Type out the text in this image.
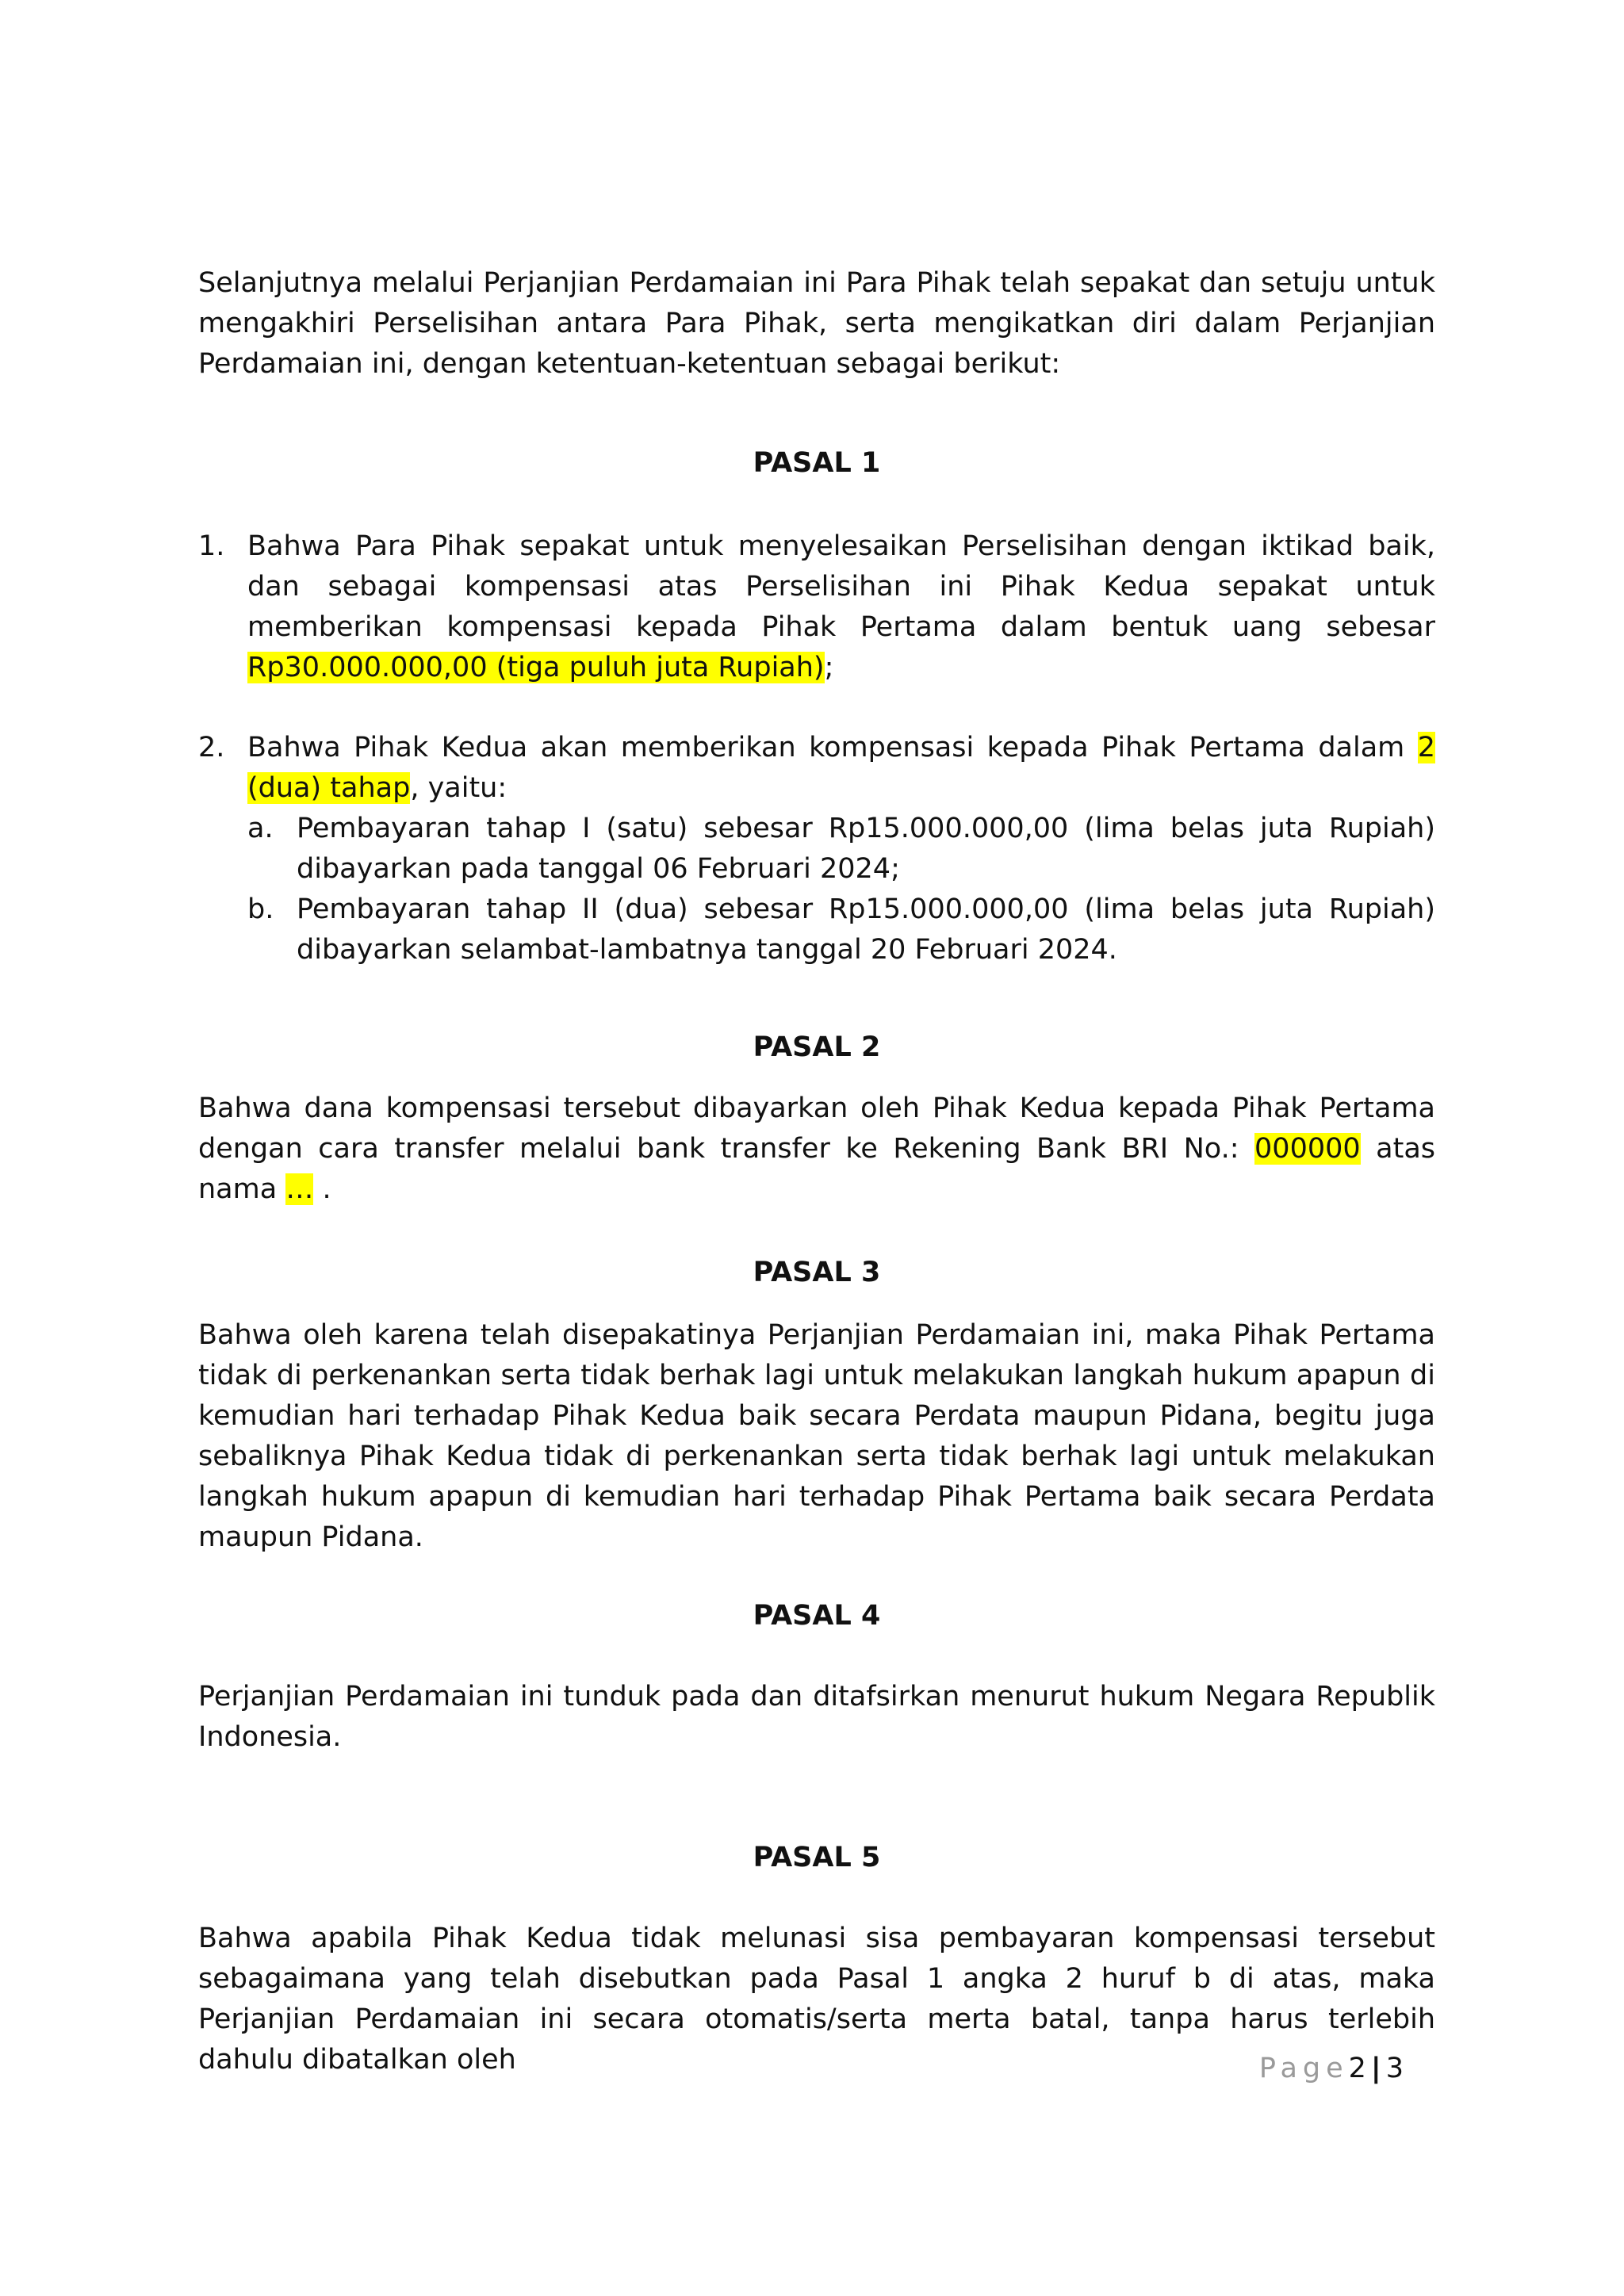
Selanjutnya melalui Perjanjian Perdamaian ini Para Pihak telah sepakat dan setuju untuk mengakhiri Perselisihan antara Para Pihak, serta mengikatkan diri dalam Perjanjian Perdamaian ini, dengan ketentuan-ketentuan sebagai berikut:

PASAL 1

1. Bahwa Para Pihak sepakat untuk menyelesaikan Perselisihan dengan iktikad baik, dan sebagai kompensasi atas Perselisihan ini Pihak Kedua sepakat untuk memberikan kompensasi kepada Pihak Pertama dalam bentuk uang sebesar Rp30.000.000,00 (tiga puluh juta Rupiah);
2. Bahwa Pihak Kedua akan memberikan kompensasi kepada Pihak Pertama dalam 2 (dua) tahap, yaitu:
a. Pembayaran tahap I (satu) sebesar Rp15.000.000,00 (lima belas juta Rupiah) dibayarkan pada tanggal 06 Februari 2024;
b. Pembayaran tahap II (dua) sebesar Rp15.000.000,00 (lima belas juta Rupiah) dibayarkan selambat-lambatnya tanggal 20 Februari 2024.

PASAL 2

Bahwa dana kompensasi tersebut dibayarkan oleh Pihak Kedua kepada Pihak Pertama dengan cara transfer melalui bank transfer ke Rekening Bank BRI No.: 000000 atas nama … .

PASAL 3

Bahwa oleh karena telah disepakatinya Perjanjian Perdamaian ini, maka Pihak Pertama tidak di perkenankan serta tidak berhak lagi untuk melakukan langkah hukum apapun di kemudian hari terhadap Pihak Kedua baik secara Perdata maupun Pidana, begitu juga sebaliknya Pihak Kedua tidak di perkenankan serta tidak berhak lagi untuk melakukan langkah hukum apapun di kemudian hari terhadap Pihak Pertama baik secara Perdata maupun Pidana.

PASAL 4

Perjanjian Perdamaian ini tunduk pada dan ditafsirkan menurut hukum Negara Republik Indonesia.

PASAL 5

Bahwa apabila Pihak Kedua tidak melunasi sisa pembayaran kompensasi tersebut sebagaimana yang telah disebutkan pada Pasal 1 angka 2 huruf b di atas, maka Perjanjian Perdamaian ini secara otomatis/serta merta batal, tanpa harus terlebih dahulu dibatalkan oleh	Page2 | 3
